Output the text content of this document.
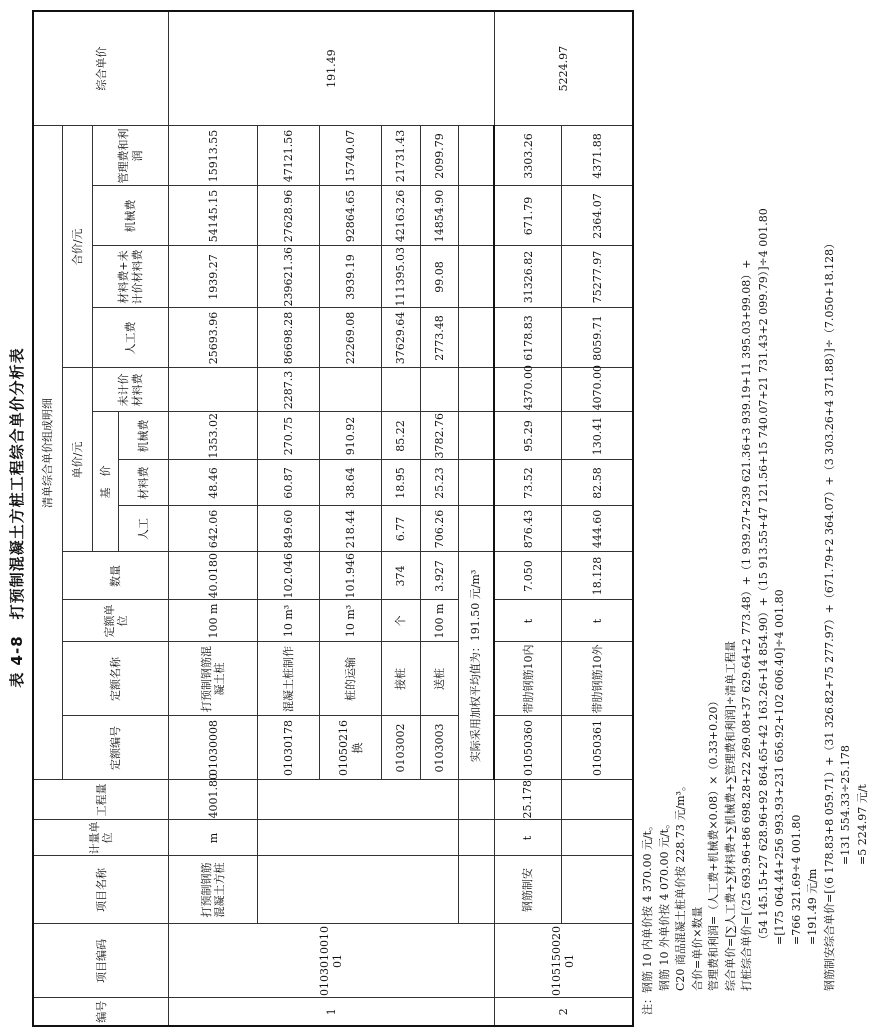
表 4-8　打预制混凝土方桩工程综合单价分析表
编号	项目编码	项目名称	计量单位	工程量	清单综合单价组成明细												综合单价
					定额编号	定额名称	定额单位	数量	单价/元				合价/元				
									基　价			未计价材料费	人工费	材料费+未计价材料费	机械费	管理费和利润	
									人工	材料费	机械费						
1	010301001001	打预制钢筋混凝土方桩	m	4001.80	01030008	打预制钢筋混凝土桩	100 m	40.0180	642.06	48.46	1353.02		25693.96	1939.27	54145.15	15913.55	191.49
					01030178	混凝土桩制作	10 m³	102.046	849.60	60.87	270.75	2287.3	86698.28	239621.36	27628.96	47121.56	
					01050216换	桩的运输	10 m³	101.946	218.44	38.64	910.92		22269.08	3939.19	92864.65	15740.07	
					0103002	接桩	个	374	6.77	18.95	85.22		37629.64	111395.03	42163.26	21731.43	
					0103003	送桩	100 m	3.927	706.26	25.23	3782.76		2773.48	99.08	14854.90	2099.79	
					实际采用加权平均值为：191.50 元/m³												
2	010515002001	钢筋制安	t	25.178	01050360	带肋钢筋10内	t	7.050	876.43	73.52	95.29	4370.00	6178.83	31326.82	671.79	3303.26	5224.97
					01050361	带肋钢筋10外	t	18.128	444.60	82.58	130.41	4070.00	8059.71	75277.97	2364.07	4371.88	
注：钢筋 10 内单价按 4 370.00 元/t。 钢筋 10 外单价按 4 070.00 元/t。 C20 商品混凝土桩单价按 228.73 元/m³。 合价=单价×数量 管理费和利润=（人工费+机械费×0.08）×（0.33+0.20） 综合单价=[∑人工费+∑材料费+∑机械费+∑管理费和利润]÷清单工程量 打桩综合单价=[（25 693.96+86 698.28+22 269.08+37 629.64+2 773.48）+（1 939.27+239 621.36+3 939.19+11 395.03+99.08）+ （54 145.15+27 628.96+92 864.65+42 163.26+14 854.90）+（15 913.55+47 121.56+15 740.07+21 731.43+2 099.79）]÷4 001.80 =[175 064.44+256 993.93+231 656.92+102 606.40]÷4 001.80 =766 321.69÷4 001.80 =191.49 元/m 钢筋制安综合单价=[（6 178.83+8 059.71）+（31 326.82+75 277.97）+（671.79+2 364.07）+（3 303.26+4 371.88）]÷（7.050+18.128） =131 554.33÷25.178 =5 224.97 元/t
